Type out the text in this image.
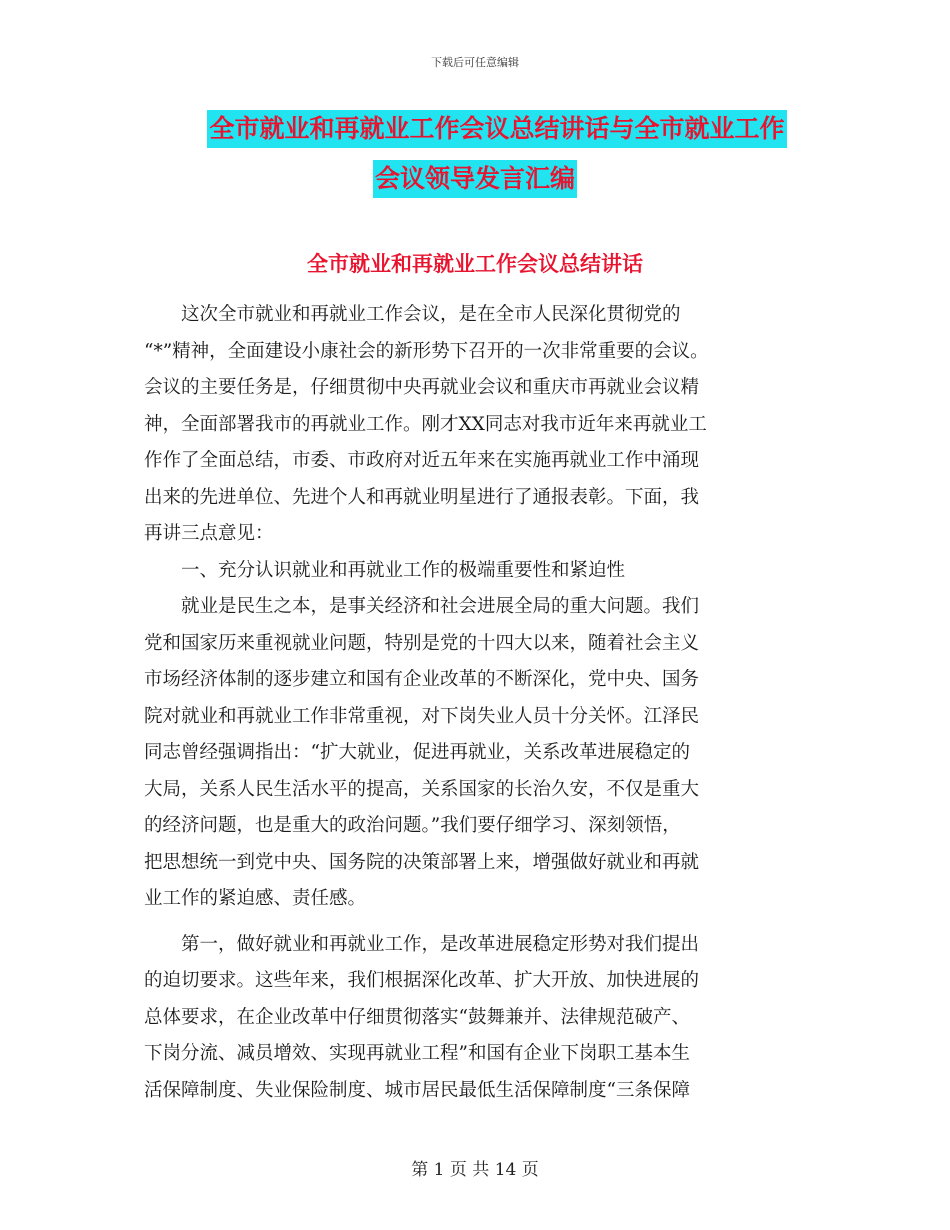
下载后可任意编辑
全市就业和再就业工作会议总结讲话与全市就业工作
会议领导发言汇编
全市就业和再就业工作会议总结讲话
　　这次全市就业和再就业工作会议，是在全市人民深化贯彻党的
“*”精神，全面建设小康社会的新形势下召开的一次非常重要的会议。
会议的主要任务是，仔细贯彻中央再就业会议和重庆市再就业会议精
神，全面部署我市的再就业工作。刚才XX同志对我市近年来再就业工
作作了全面总结，市委、市政府对近五年来在实施再就业工作中涌现
出来的先进单位、先进个人和再就业明星进行了通报表彰。下面，我
再讲三点意见：
　　一、充分认识就业和再就业工作的极端重要性和紧迫性
　　就业是民生之本，是事关经济和社会进展全局的重大问题。我们
党和国家历来重视就业问题，特别是党的十四大以来，随着社会主义
市场经济体制的逐步建立和国有企业改革的不断深化，党中央、国务
院对就业和再就业工作非常重视，对下岗失业人员十分关怀。江泽民
同志曾经强调指出：“扩大就业，促进再就业，关系改革进展稳定的
大局，关系人民生活水平的提高，关系国家的长治久安，不仅是重大
的经济问题，也是重大的政治问题。”我们要仔细学习、深刻领悟，
把思想统一到党中央、国务院的决策部署上来，增强做好就业和再就
业工作的紧迫感、责任感。
　　第一，做好就业和再就业工作，是改革进展稳定形势对我们提出
的迫切要求。这些年来，我们根据深化改革、扩大开放、加快进展的
总体要求，在企业改革中仔细贯彻落实“鼓舞兼并、法律规范破产、
下岗分流、减员增效、实现再就业工程”和国有企业下岗职工基本生
活保障制度、失业保险制度、城市居民最低生活保障制度“三条保障
第 1 页 共 14 页
